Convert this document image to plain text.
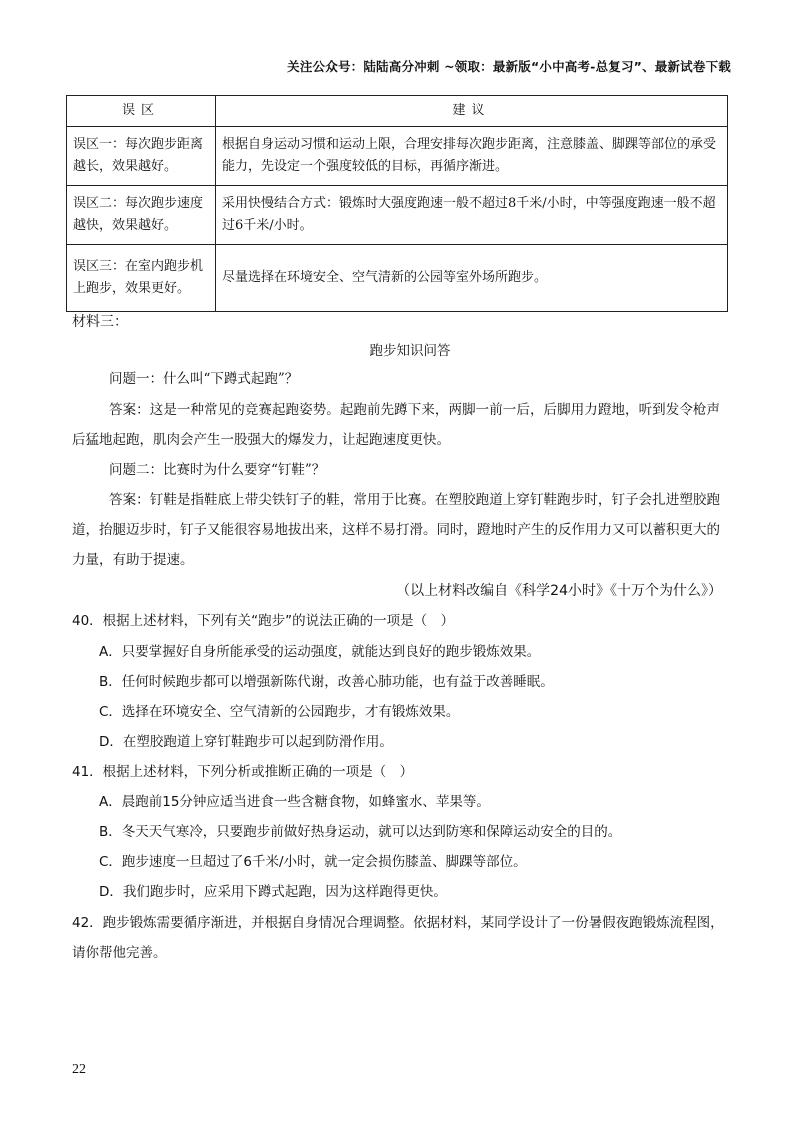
关注公众号：陆陆高分冲刺 ~领取：最新版“小中高考-总复习”、最新试卷下载
误区	建议
误区一：每次跑步距离越长，效果越好。	根据自身运动习惯和运动上限，合理安排每次跑步距离，注意膝盖、脚踝等部位的承受能力，先设定一个强度较低的目标，再循序渐进。
误区二：每次跑步速度越快，效果越好。	采用快慢结合方式：锻炼时大强度跑速一般不超过8千米/小时，中等强度跑速一般不超过6千米/小时。
误区三：在室内跑步机上跑步，效果更好。	尽量选择在环境安全、空气清新的公园等室外场所跑步。
材料三：
跑步知识问答
问题一：什么叫“下蹲式起跑”？
答案：这是一种常见的竞赛起跑姿势。起跑前先蹲下来，两脚一前一后，后脚用力蹬地，听到发令枪声后猛地起跑，肌肉会产生一股强大的爆发力，让起跑速度更快。
问题二：比赛时为什么要穿“钉鞋”？
答案：钉鞋是指鞋底上带尖铁钉子的鞋，常用于比赛。在塑胶跑道上穿钉鞋跑步时，钉子会扎进塑胶跑道，抬腿迈步时，钉子又能很容易地拔出来，这样不易打滑。同时，蹬地时产生的反作用力又可以蓄积更大的力量，有助于提速。
（以上材料改编自《科学24小时》《十万个为什么》）
40．根据上述材料，下列有关“跑步”的说法正确的一项是（　）
A．只要掌握好自身所能承受的运动强度，就能达到良好的跑步锻炼效果。
B．任何时候跑步都可以增强新陈代谢，改善心肺功能，也有益于改善睡眠。
C．选择在环境安全、空气清新的公园跑步，才有锻炼效果。
D．在塑胶跑道上穿钉鞋跑步可以起到防滑作用。
41．根据上述材料，下列分析或推断正确的一项是（　）
A．晨跑前15分钟应适当进食一些含糖食物，如蜂蜜水、苹果等。
B．冬天天气寒冷，只要跑步前做好热身运动，就可以达到防寒和保障运动安全的目的。
C．跑步速度一旦超过了6千米/小时，就一定会损伤膝盖、脚踝等部位。
D．我们跑步时，应采用下蹲式起跑，因为这样跑得更快。
42．跑步锻炼需要循序渐进，并根据自身情况合理调整。依据材料，某同学设计了一份暑假夜跑锻炼流程图，请你帮他完善。
22
